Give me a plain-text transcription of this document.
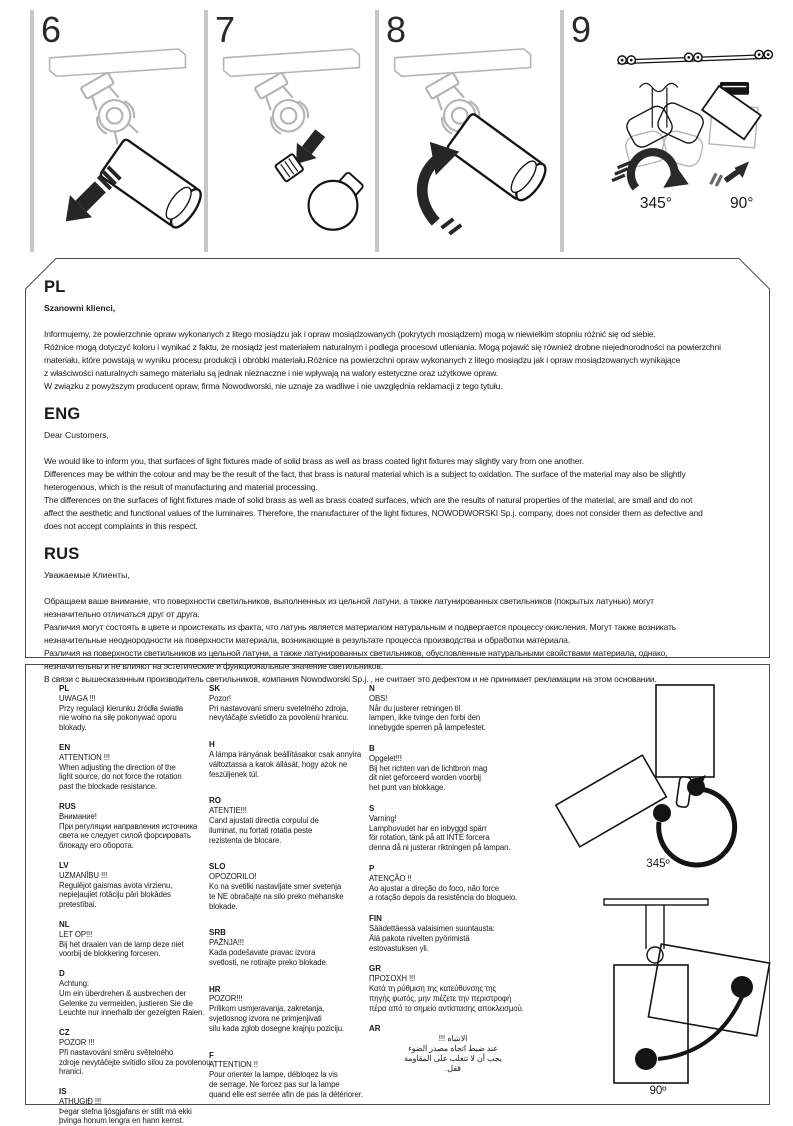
6	7	8	9
345°	90°
PL

Szanowni klienci,

Informujemy, że powierzchnie opraw wykonanych z litego mosiądzu jak i opraw mosiądzowanych (pokrytych mosiądzem) mogą w niewielkim stopniu różnić się od siebie.
Różnice mogą dotyczyć koloru i wynikać z faktu, że mosiądz jest materiałem naturalnym i podlega procesowi utleniania. Mogą pojawić się również drobne niejednorodności na powierzchni
materiału, które powstają w wyniku procesu produkcji i obróbki materiału.Różnice na powierzchni opraw wykonanych z litego mosiądzu jak i opraw mosiądzowanych wynikające
z właściwości naturalnych samego materiału są jednak nieznaczne i nie wpływają na walory estetyczne oraz użytkowe opraw.
W związku z powyższym producent opraw, firma Nowodworski, nie uznaje za wadliwe i nie uwzględnia reklamacji z tego tytułu.
ENG

Dear Customers,

We would like to inform you, that surfaces of light fixtures made of solid brass as well as brass coated light fixtures may slightly vary from one another.
Differences may be within the colour and may be the result of the fact, that brass is natural material which is a subject to oxidation. The surface of the material may also be slightly
heterogenous, which is the result of manufacturing and material processing.
The differences on the surfaces of light fixtures made of solid brass as well as brass coated surfaces, which are the results of natural properties of the material, are small and do not
affect the aesthetic and functional values of the luminaires. Therefore, the manufacturer of the light fixtures, NOWODWORSKI Sp.j. company, does not consider them as defective and
does not accept complaints in this respect.
RUS

Уважаемые Клиенты,

Обращаем ваше внимание, что поверхности светильников, выполненных из цельной латуни, а также латунированных светильников (покрытых латунью) могут
незначительно отличаться друг от друга.
Различия могут состоять в цвете и проистекать из факта, что латунь является материалом натуральным и подвергается процессу окисления. Могут также возникать
незначительные неоднородности на поверхности материала, возникающие в результате процесса производства и обработки материала.
Различия на поверхности светильников из цельной латуни, а также латунированных светильников, обусловленные натуральными свойствами материала, однако,
незначительны и не влияют на эстетические и функциональные значение светильников.
В связи с вышесказанным производитель светильников, компания Nowodworski Sp.j. , не считает это дефектом и не принимает рекламации на этом основании.
PL
UWAGA !!!
Przy regulacji kierunku źródła światła
nie wolno na siłę pokonywać oporu
blokady.
EN
ATTENTION !!!
When adjusting the direction of the
light source, do not force the rotation
past the blockade resistance.
RUS
Внимание!
При регуляции направления источника
света не следует силой форсировать
блокаду его оборота.
LV
UZMANĪBU !!!
Regulējot gaismas avota virzienu,
nepieļaujiet rotāciju pāri blokādes
pretestībai.
NL
LET OP!!!
Bij het draaien van de lamp deze niet
voorbij de blokkering forceren.
D
Achtung:
Um ein überdrehen & ausbrechen der
Gelenke zu vermeiden, justieren Sie die
Leuchte nur innerhalb der gezeigten Raien.
CZ
POZOR !!!
Při nastavování směru světelného
zdroje nevytáčejte svítidlo silou za povolenou
hranici.
IS
ATHUGIÐ !!!
Þegar stefna ljósgjafans er stillt má ekki
þvinga honum lengra en hann kemst.
SK
Pozor!
Pri nastavovaní smeru svetelného zdroja,
nevytáčajte svietidlo za povolenú hranicu.
H
A lámpa irányának beállításakor csak annyira
változtassa a karok állását, hogy azok ne
feszüljenek túl.
RO
ATENTIE!!!
Cand ajustati directia corpului de
iluminat, nu fortati rotatia peste
rezistenta de blocare.
SLO
OPOZORILO!
Ko na svetilki nastavljate smer svetenja
te NE obračajte na silo preko mehanske
blokade.
SRB
PAŽNJA!!!
Kada podešavate pravac izvora
svetlosti, ne rotirajte preko blokade.
HR
POZOR!!!
Prilikom usmjeravanja, zakretanja,
svjetlosnog izvora ne primjenjivati
silu kada zglob dosegne krajnju poziciju.
F
ATTENTION !!
Pour orienter la lampe, débloqez la vis
de serrage. Ne forcez pas sur la lampe
quand elle est serrée afin de pas la détériorer.
N
OBS!
Når du justerer retningen til
lampen, ikke tvinge den forbi den
innebygde sperren på lampefestet.
B
Opgelet!!!
Bij het richten van de lichtbron mag
dit niet geforceerd worden voorbij
het punt van blokkage.
S
Varning!
Lamphuvudet har en inbyggd spärr
för rotation, tänk på att INTE forcera
denna då ni justerar riktningen på lampan.
P
ATENÇÃO !!
Ao ajustar a direção do foco, não force
a rotação depois da resistência do bloqueio.
FIN
Säädettäessä valaisimen suuntausta:
Älä pakota nivelten pyörimistä
estovastuksen yli.
GR
ΠΡΟΣΟΧΗ !!!
Κατά τη ρύθμιση της κατεύθυνσης της
πηγής φωτός, μην πιέζετε την περιστροφή
πέρα από το σημείο αντίστασης αποκλεισμού.
AR
الانتباه !!!
عند ضبط اتجاه مصدر الضوء
يجب أن لا تتغلب على المقاومة
قفل.
345º
90º
